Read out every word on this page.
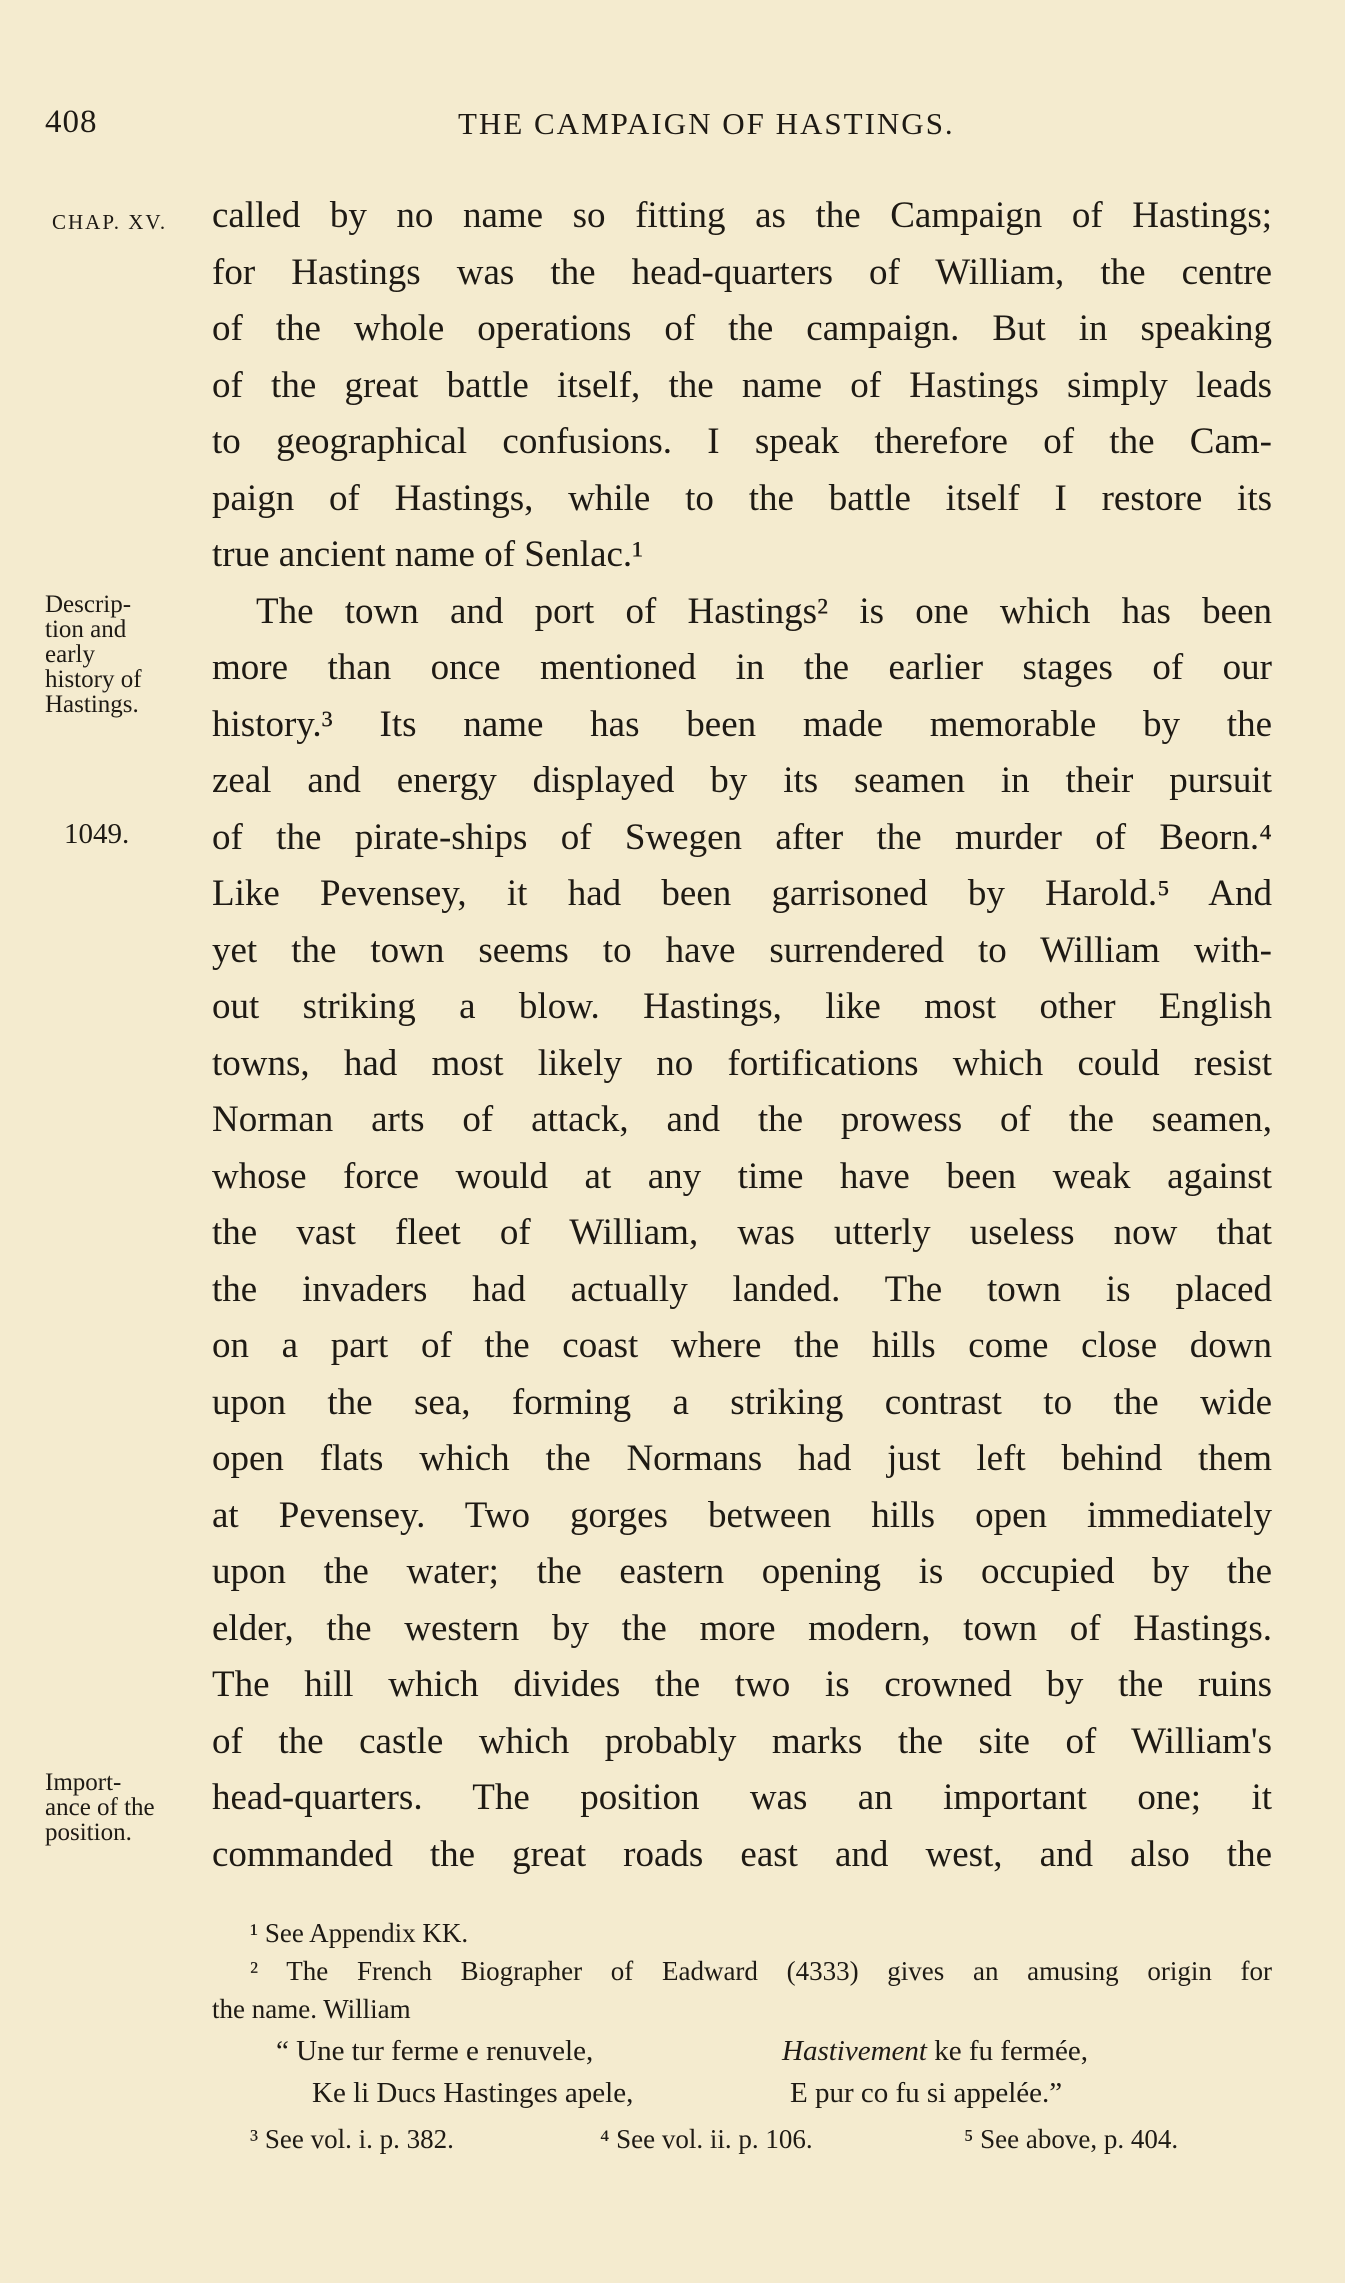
408	THE CAMPAIGN OF HASTINGS.
CHAP. XV.
Descrip-
tion and
early
history of
Hastings.
1049.
Import-
ance of the
position.
called by no name so fitting as the Campaign of Hastings;
for Hastings was the head-quarters of William, the centre
of the whole operations of the campaign. But in speaking
of the great battle itself, the name of Hastings simply leads
to geographical confusions. I speak therefore of the Cam-
paign of Hastings, while to the battle itself I restore its
true ancient name of Senlac.¹
The town and port of Hastings² is one which has been
more than once mentioned in the earlier stages of our
history.³ Its name has been made memorable by the
zeal and energy displayed by its seamen in their pursuit
of the pirate-ships of Swegen after the murder of Beorn.⁴
Like Pevensey, it had been garrisoned by Harold.⁵ And
yet the town seems to have surrendered to William with-
out striking a blow. Hastings, like most other English
towns, had most likely no fortifications which could resist
Norman arts of attack, and the prowess of the seamen,
whose force would at any time have been weak against
the vast fleet of William, was utterly useless now that
the invaders had actually landed. The town is placed
on a part of the coast where the hills come close down
upon the sea, forming a striking contrast to the wide
open flats which the Normans had just left behind them
at Pevensey. Two gorges between hills open immediately
upon the water; the eastern opening is occupied by the
elder, the western by the more modern, town of Hastings.
The hill which divides the two is crowned by the ruins
of the castle which probably marks the site of William's
head-quarters. The position was an important one; it
commanded the great roads east and west, and also the
¹ See Appendix KK.
² The French Biographer of Eadward (4333) gives an amusing origin for
the name. William
“ Une tur ferme e renuvele,	Hastivement ke fu fermée,
Ke li Ducs Hastinges apele,	E pur co fu si appelée.”
³ See vol. i. p. 382.	⁴ See vol. ii. p. 106.	⁵ See above, p. 404.
